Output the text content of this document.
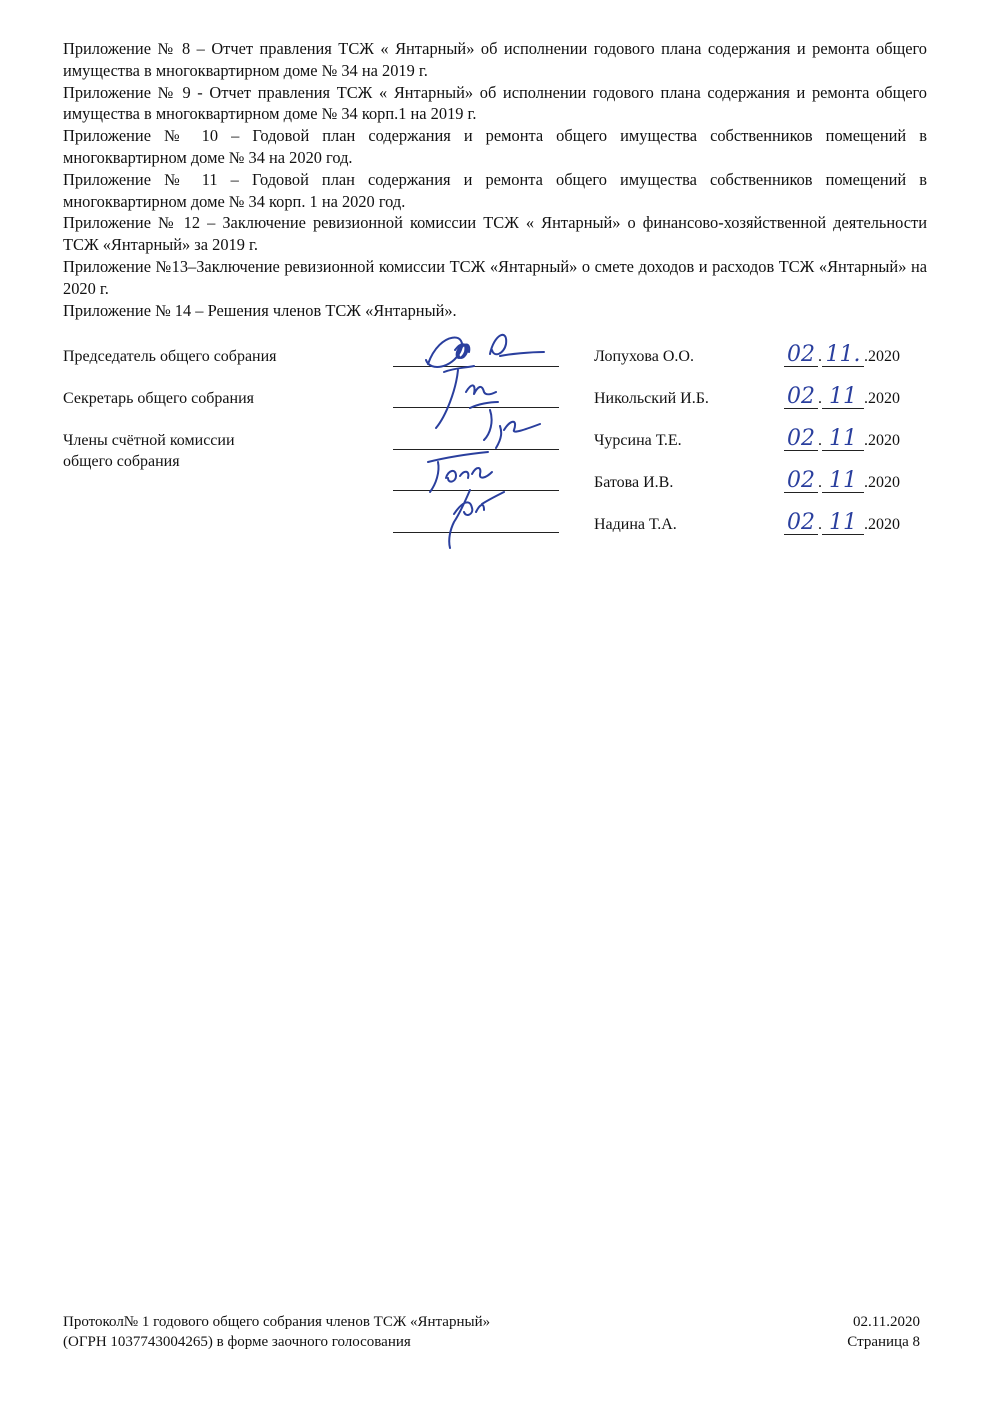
Приложение № 8 – Отчет правления ТСЖ « Янтарный» об исполнении годового плана содержания и ремонта общего имущества в многоквартирном доме № 34 на 2019 г.

Приложение № 9 - Отчет правления ТСЖ « Янтарный» об исполнении годового плана содержания и ремонта общего имущества в многоквартирном доме № 34 корп.1 на 2019 г.

Приложение № 10 – Годовой план содержания и ремонта общего имущества собственников помещений в многоквартирном доме № 34 на 2020 год.

Приложение № 11 – Годовой план содержания и ремонта общего имущества собственников помещений в многоквартирном доме № 34 корп. 1 на 2020 год.

Приложение № 12 – Заключение ревизионной комиссии ТСЖ « Янтарный» о финансово-хозяйственной деятельности ТСЖ «Янтарный» за 2019 г.

Приложение №13–Заключение ревизионной комиссии ТСЖ «Янтарный» о смете доходов и расходов ТСЖ «Янтарный» на 2020 г.

Приложение № 14 – Решения членов ТСЖ «Янтарный».

Председатель общего собрания
Секретарь общего собрания
Члены счётной комиссии
общего собрания
Лопухова О.О.
Никольский И.Б.
Чурсина Т.Е.
Батова И.В.
Надина Т.А.
02 . 11. .2020
02 . 11 .2020
02 . 11 .2020
02 . 11 .2020
02 . 11 .2020
Протокол№ 1 годового общего собрания членов ТСЖ «Янтарный»
(ОГРН 1037743004265) в форме заочного голосования
02.11.2020
Страница 8
